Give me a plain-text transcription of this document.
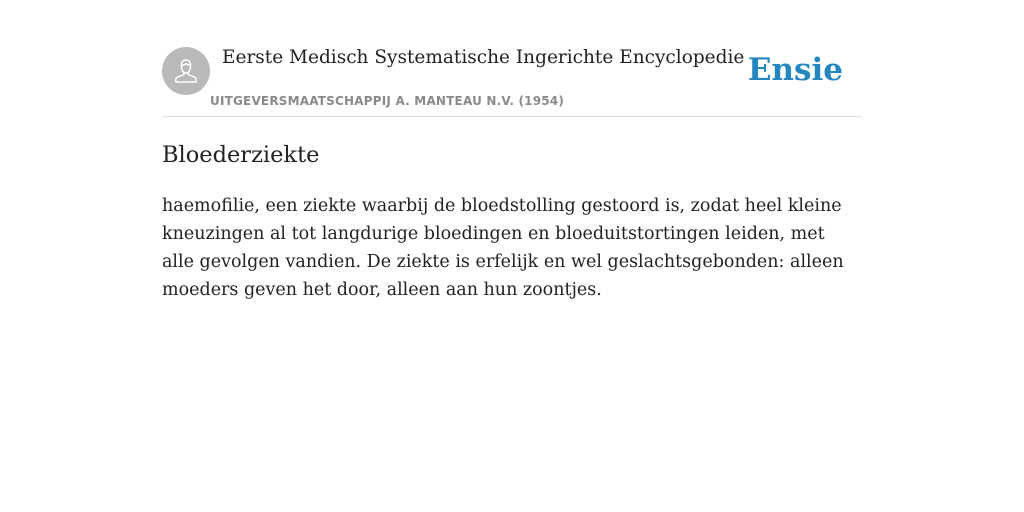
Eerste Medisch Systematische Ingerichte Encyclopedie
UITGEVERSMAATSCHAPPIJ A. MANTEAU N.V. (1954)
Ensie
Bloederziekte

haemofilie, een ziekte waarbij de bloedstolling gestoord is, zodat heel kleine kneuzingen al tot langdurige bloedingen en bloeduitstortingen leiden, met alle gevolgen vandien. De ziekte is erfelijk en wel geslachtsgebonden: alleen moeders geven het door, alleen aan hun zoontjes.
